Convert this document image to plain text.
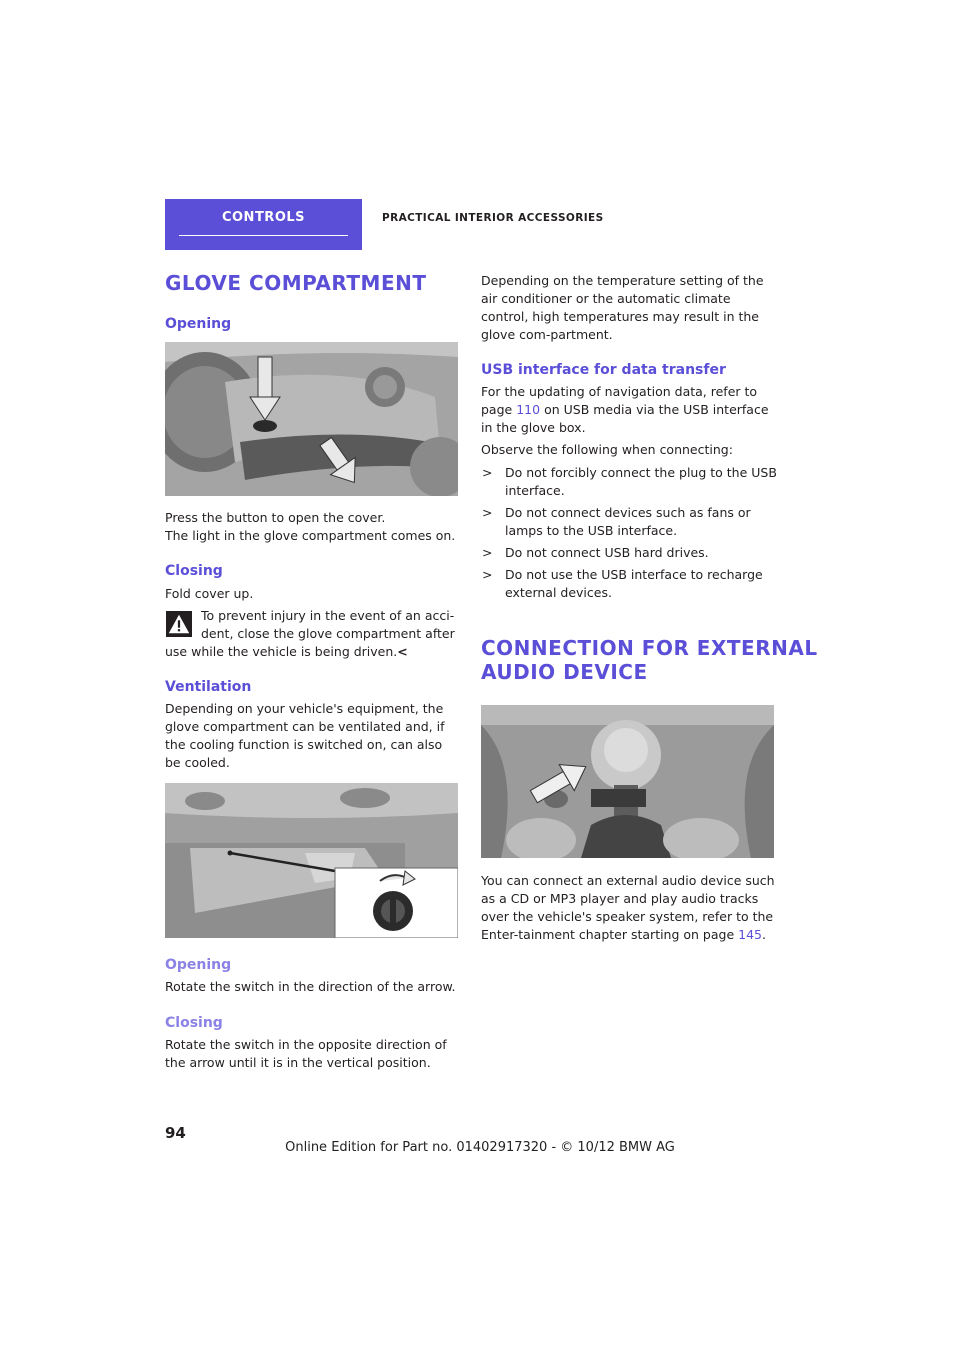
CONTROLS	PRACTICAL INTERIOR ACCESSORIES
GLOVE COMPARTMENT
Opening

Press the button to open the cover.

The light in the glove compartment comes on.

Closing

Fold cover up.

To prevent injury in the event of an acci-

dent, close the glove compartment after

use while the vehicle is being driven.<

Ventilation

Depending on your vehicle's equipment, the glove compartment can be ventilated and, if the cooling function is switched on, can also be cooled.

Opening

Rotate the switch in the direction of the arrow.

Closing

Rotate the switch in the opposite direction of the arrow until it is in the vertical position.

Depending on the temperature setting of the air conditioner or the automatic climate control, high temperatures may result in the glove com-partment.

USB interface for data transfer

For the updating of navigation data, refer to page 110 on USB media via the USB interface in the glove box.

Observe the following when connecting:

> Do not forcibly connect the plug to the USB interface.
> Do not connect devices such as fans or lamps to the USB interface.
> Do not connect USB hard drives.
> Do not use the USB interface to recharge external devices.
CONNECTION FOR EXTERNAL
AUDIO DEVICE

You can connect an external audio device such as a CD or MP3 player and play audio tracks over the vehicle's speaker system, refer to the Enter-tainment chapter starting on page 145.

94
Online Edition for Part no. 01402917320 - © 10/12 BMW AG
